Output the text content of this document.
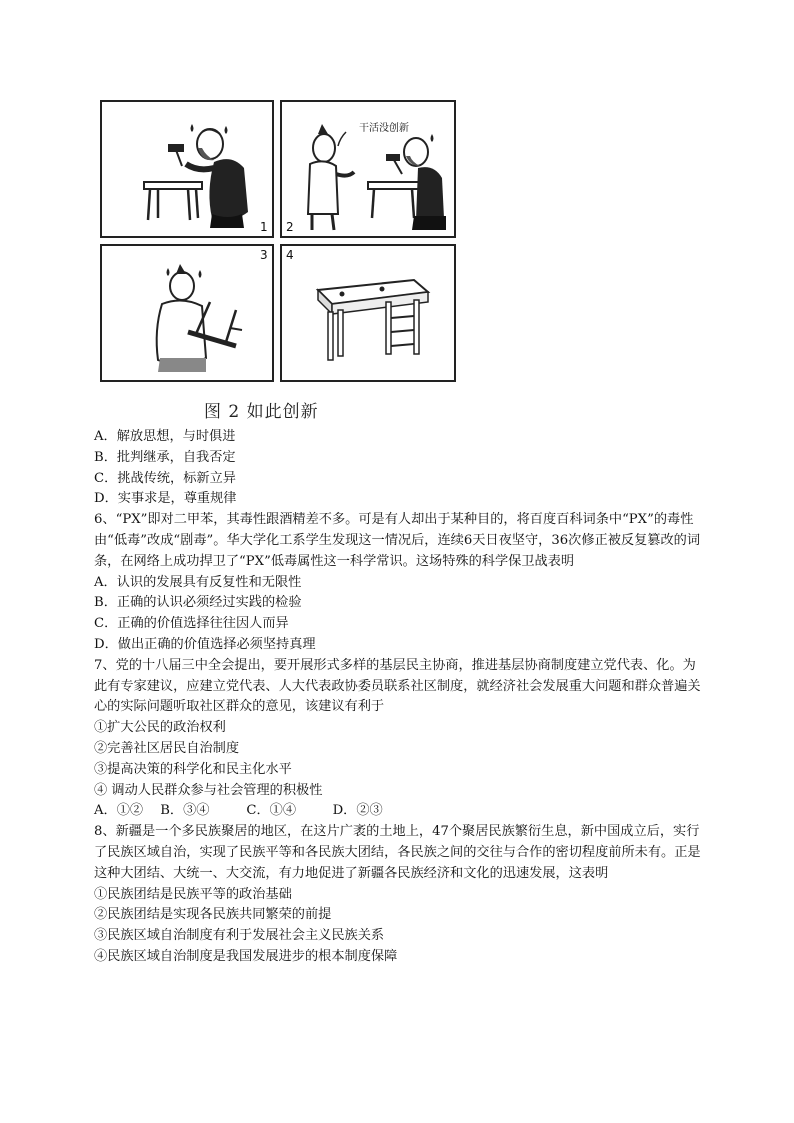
1
干活没创新
2
3 4
图 2 如此创新
A．解放思想，与时俱进
B．批判继承，自我否定
C．挑战传统，标新立异
D．实事求是，尊重规律
6、“PX”即对二甲苯，其毒性跟酒精差不多。可是有人却出于某种目的，将百度百科词条中“PX”的毒性由“低毒”改成“剧毒”。华大学化工系学生发现这一情况后，连续6天日夜坚守，36次修正被反复篡改的词条，在网络上成功捍卫了“PX”低毒属性这一科学常识。这场特殊的科学保卫战表明
A．认识的发展具有反复性和无限性
B．正确的认识必须经过实践的检验
C．正确的价值选择往往因人而异
D．做出正确的价值选择必须坚持真理
7、党的十八届三中全会提出，要开展形式多样的基层民主协商，推进基层协商制度建立党代表、化。为此有专家建议，应建立党代表、人大代表政协委员联系社区制度，就经济社会发展重大问题和群众普遍关心的实际问题听取社区群众的意见，该建议有利于
①扩大公民的政治权利
②完善社区居民自治制度
③提高决策的科学化和民主化水平
④ 调动人民群众参与社会管理的积极性
A．①② B．③④	C．①④	D．②③
8、新疆是一个多民族聚居的地区，在这片广袤的土地上，47个聚居民族繁衍生息，新中国成立后，实行了民族区域自治，实现了民族平等和各民族大团结，各民族之间的交往与合作的密切程度前所未有。正是这种大团结、大统一、大交流，有力地促进了新疆各民族经济和文化的迅速发展，这表明
①民族团结是民族平等的政治基础
②民族团结是实现各民族共同繁荣的前提
③民族区域自治制度有利于发展社会主义民族关系
④民族区域自治制度是我国发展进步的根本制度保障
